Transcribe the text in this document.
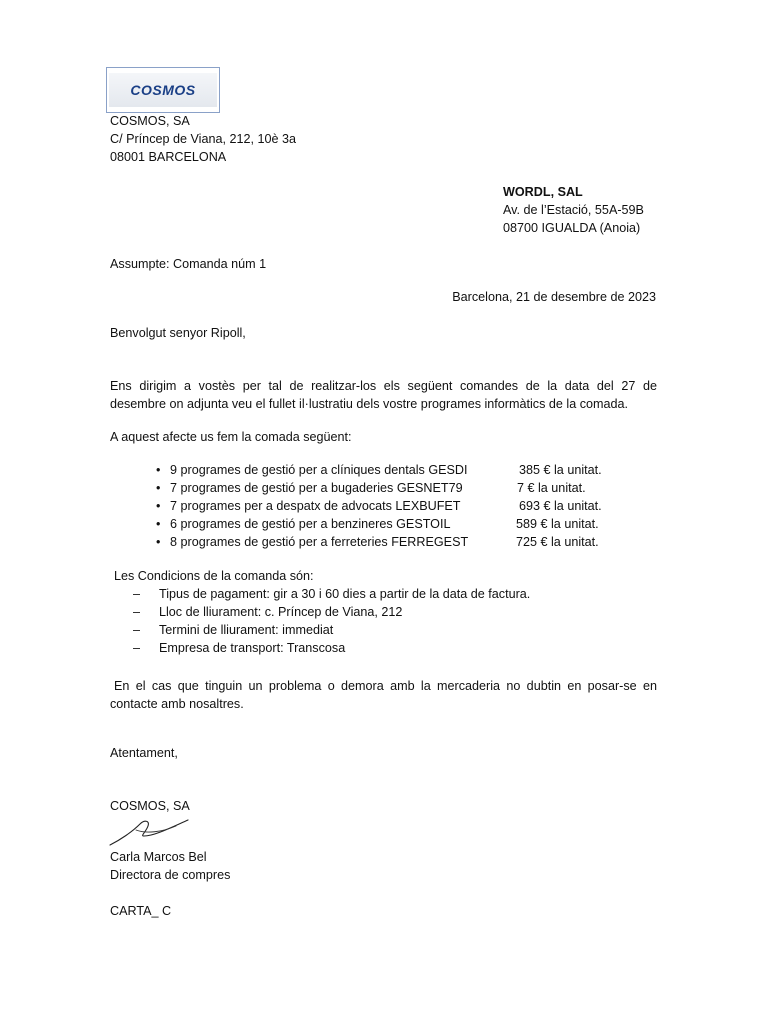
COSMOS
COSMOS, SA
C/ Príncep de Viana, 212, 10è 3a
08001 BARCELONA
WORDL, SAL
Av. de l’Estació, 55A-59B
08700 IGUALDA (Anoia)
Assumpte: Comanda núm 1
Barcelona, 21 de desembre de 2023
Benvolgut senyor Ripoll,
Ens dirigim a vostès per tal de realitzar-los els següent comandes de la data del 27 de
desembre on adjunta veu el fullet il·lustratiu dels vostre programes informàtics de la comada.
A aquest afecte us fem la comada següent:
• 9 programes de gestió per a clíniques dentals GESDI	385 € la unitat.
• 7 programes de gestió per a bugaderies GESNET79	7 € la unitat.
• 7 programes per a despatx de advocats LEXBUFET	693 € la unitat.
• 6 programes de gestió per a benzineres GESTOIL	589 € la unitat.
• 8 programes de gestió per a ferreteries FERREGEST	725 € la unitat.
Les Condicions de la comanda són:
– Tipus de pagament: gir a 30 i 60 dies a partir de la data de factura.
– Lloc de lliurament: c. Príncep de Viana, 212
– Termini de lliurament: immediat
– Empresa de transport: Transcosa
En el cas que tinguin un problema o demora amb la mercaderia no dubtin en posar-se en
contacte amb nosaltres.
Atentament,
COSMOS, SA
Carla Marcos Bel
Directora de compres
CARTA_ C
